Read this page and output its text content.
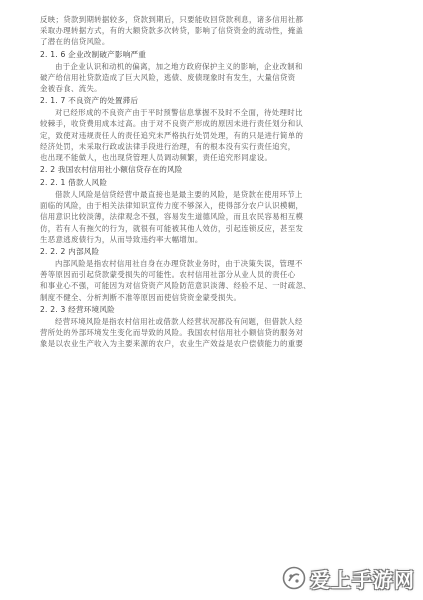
反映；贷款到期转据较多，贷款到期后，只要能收回贷款利息，诸多信用社都
采取办理转据方式，有的大额贷款多次转贷，影响了信贷资金的流动性，掩盖
了潜在的信贷风险。
2. 1. 6 企业改制破产影响严重
由于企业认识和动机的偏离，加之地方政府保护主义的影响，企业改制和
破产给信用社贷款造成了巨大风险，逃债、废债现象时有发生，大量信贷资
金被吞食、流失。
2. 1. 7 不良资产的处置滞后
对已经形成的不良资产由于平时预警信息掌握不及时不全面，待处理时比
较棘手，收贷费用成本过高。由于对不良资产形成的原因未进行责任划分和认
定，致使对违规责任人的责任追究未严格执行处罚处理，有的只是进行简单的
经济处罚，未采取行政或法律手段进行治理，有的根本没有实行责任追究，
也出现不能做人，也出现贷管理人员调动频繁，责任追究形同虚设。
2. 2 我国农村信用社小额信贷存在的风险
2. 2. 1 借款人风险
借款人风险是信贷经营中最直接也是最主要的风险，是贷款在使用环节上
面临的风险，由于相关法律知识宣传力度不够深入，使得部分农户认识模糊，
信用意识比较淡薄，法律观念不强，容易发生道德风险，而且农民容易相互模
仿，若有人有拖欠的行为，就很有可能被其他人效仿，引起连锁反应，甚至发
生恶意逃废债行为，从而导致违约率大幅增加。
2. 2. 2 内部风险
内部风险是指农村信用社自身在办理贷款业务时，由于决策失误，管理不
善等原因而引起贷款蒙受损失的可能性。农村信用社部分从业人员的责任心
和事业心不强，可能因为对信贷资产风险防范意识淡薄、经验不足、一时疏忽、
制度不健全、分析判断不准等原因而使信贷资金蒙受损失。
2. 2. 3 经营环境风险
经营环境风险是指农村信用社或借款人经营状况都没有问题，但借款人经
营所处的外部环境发生变化而导致的风险。我国农村信用社小额信贷的服务对
象是以农业生产收入为主要来源的农户，农业生产效益是农户偿债能力的重要
爱上手游网
